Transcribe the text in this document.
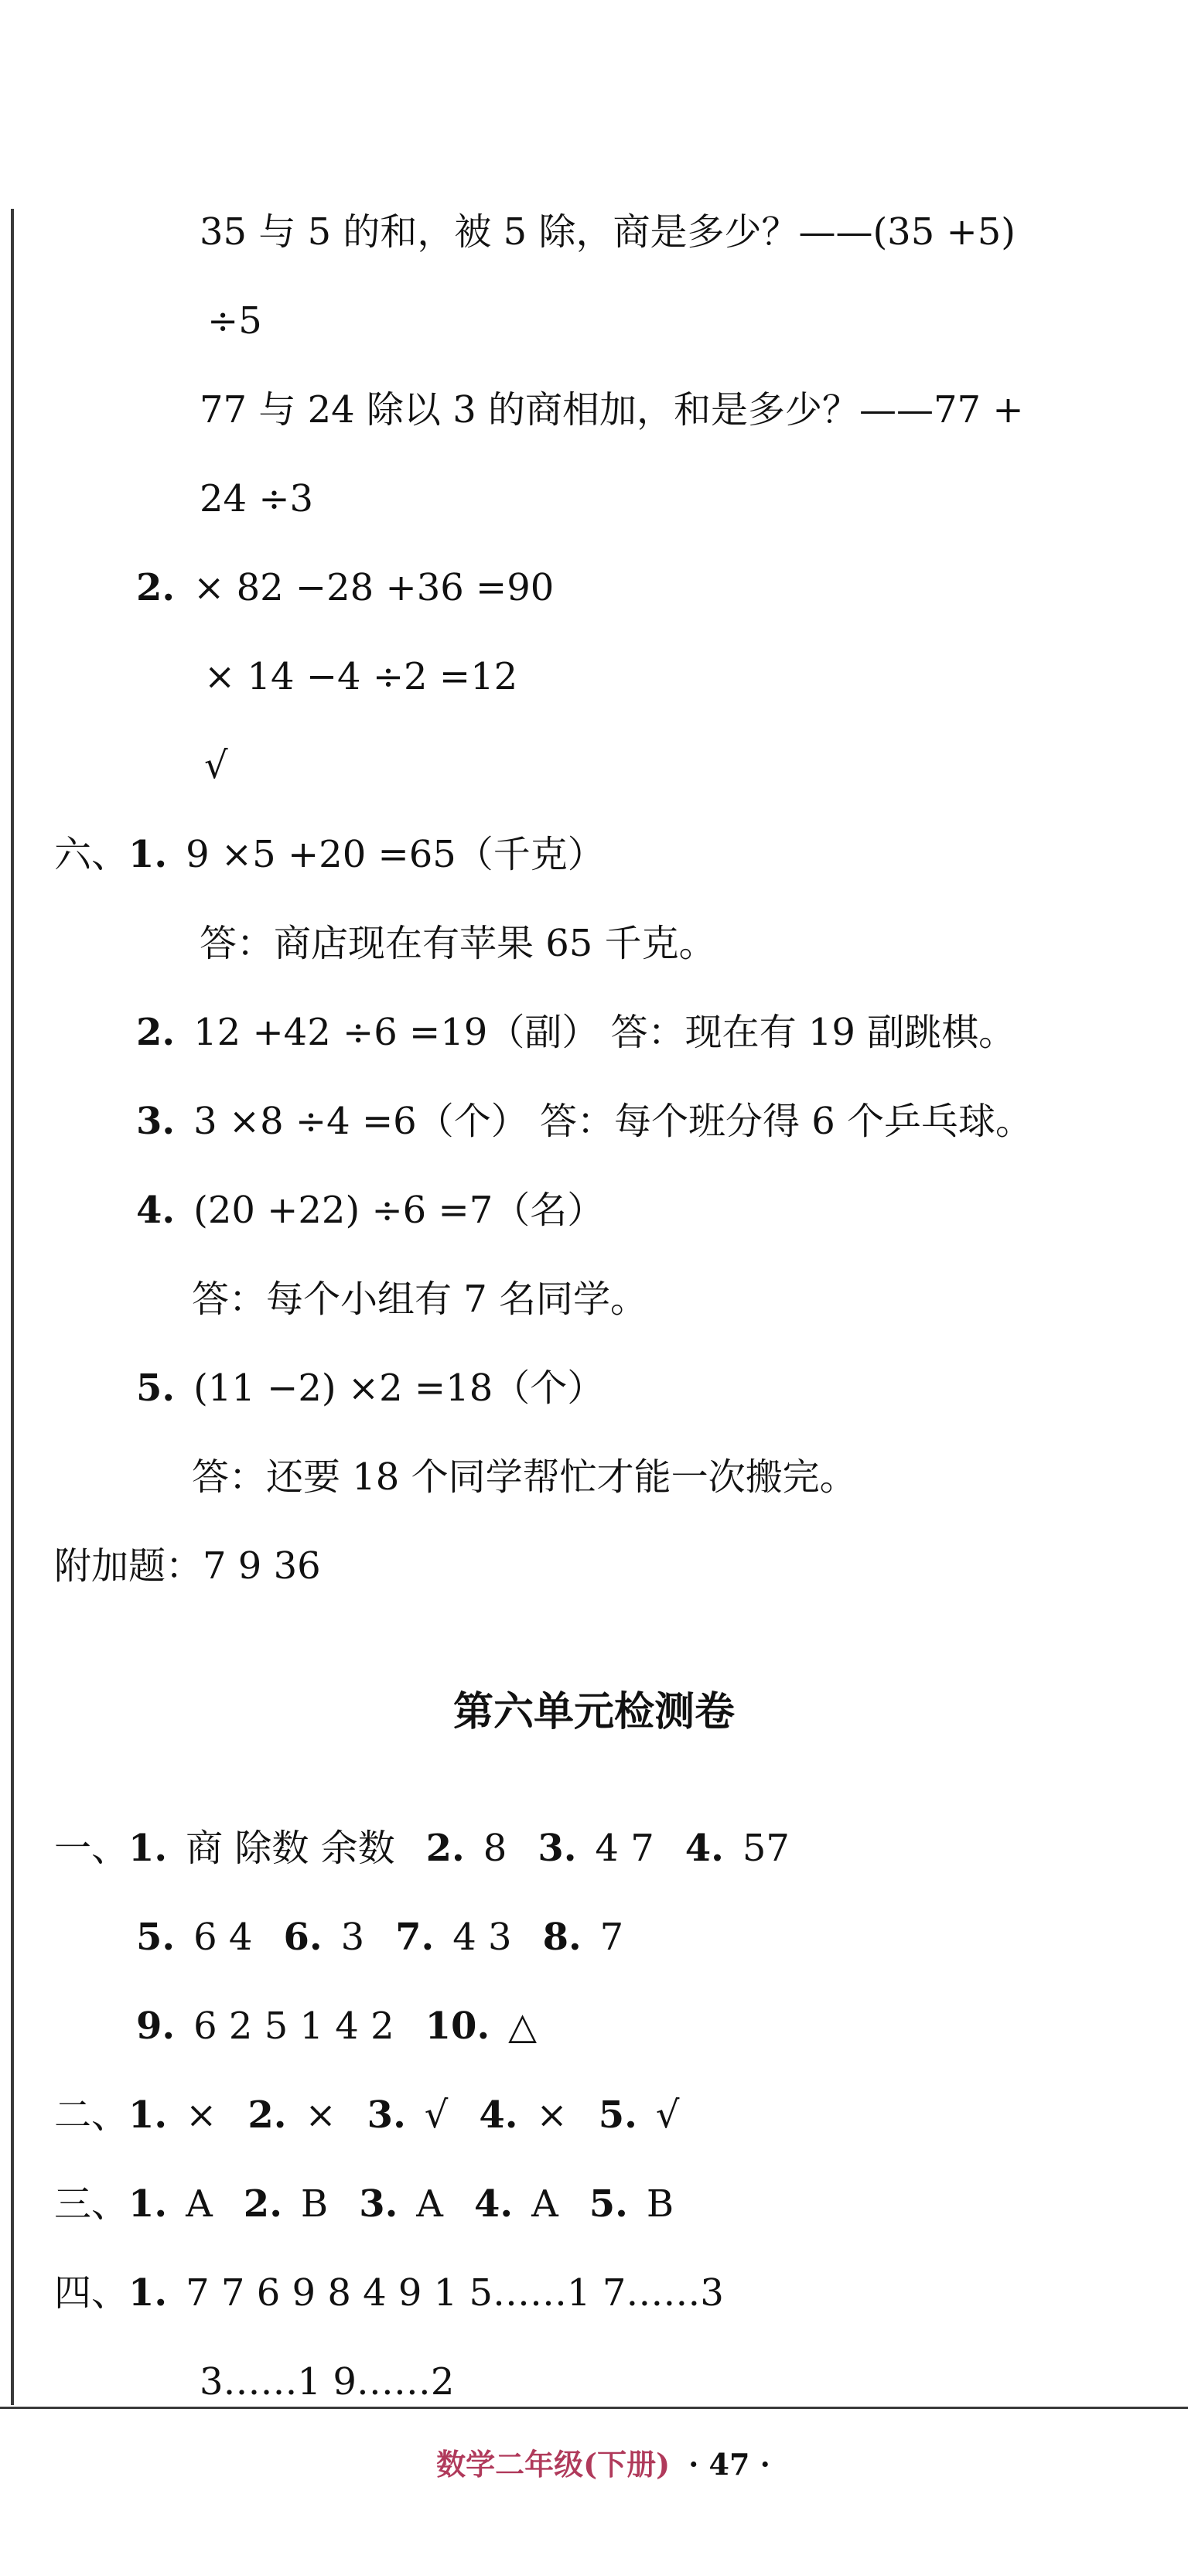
35 与 5 的和，被 5 除，商是多少？——(35 +5)
÷5
77 与 24 除以 3 的商相加，和是多少？——77 +
24 ÷3
2. × 82 −28 +36 =90
× 14 −4 ÷2 =12
√
六、1. 9 ×5 +20 =65（千克）
答：商店现在有苹果 65 千克。
2. 12 +42 ÷6 =19（副） 答：现在有 19 副跳棋。
3. 3 ×8 ÷4 =6（个） 答：每个班分得 6 个乒乓球。
4. (20 +22) ÷6 =7（名）
答：每个小组有 7 名同学。
5. (11 −2) ×2 =18（个）
答：还要 18 个同学帮忙才能一次搬完。
附加题：7 9 36
第六单元检测卷
一、1. 商 除数 余数 2. 8 3. 4 7 4. 57
5. 6 4 6. 3 7. 4 3 8. 7
9. 6 2 5 1 4 2 10. △
二、1. × 2. × 3. √ 4. × 5. √
三、1. A 2. B 3. A 4. A 5. B
四、1. 7 7 6 9 8 4 9 1 5……1 7……3
3……1 9……2
数学二年级(下册) · 47 ·
